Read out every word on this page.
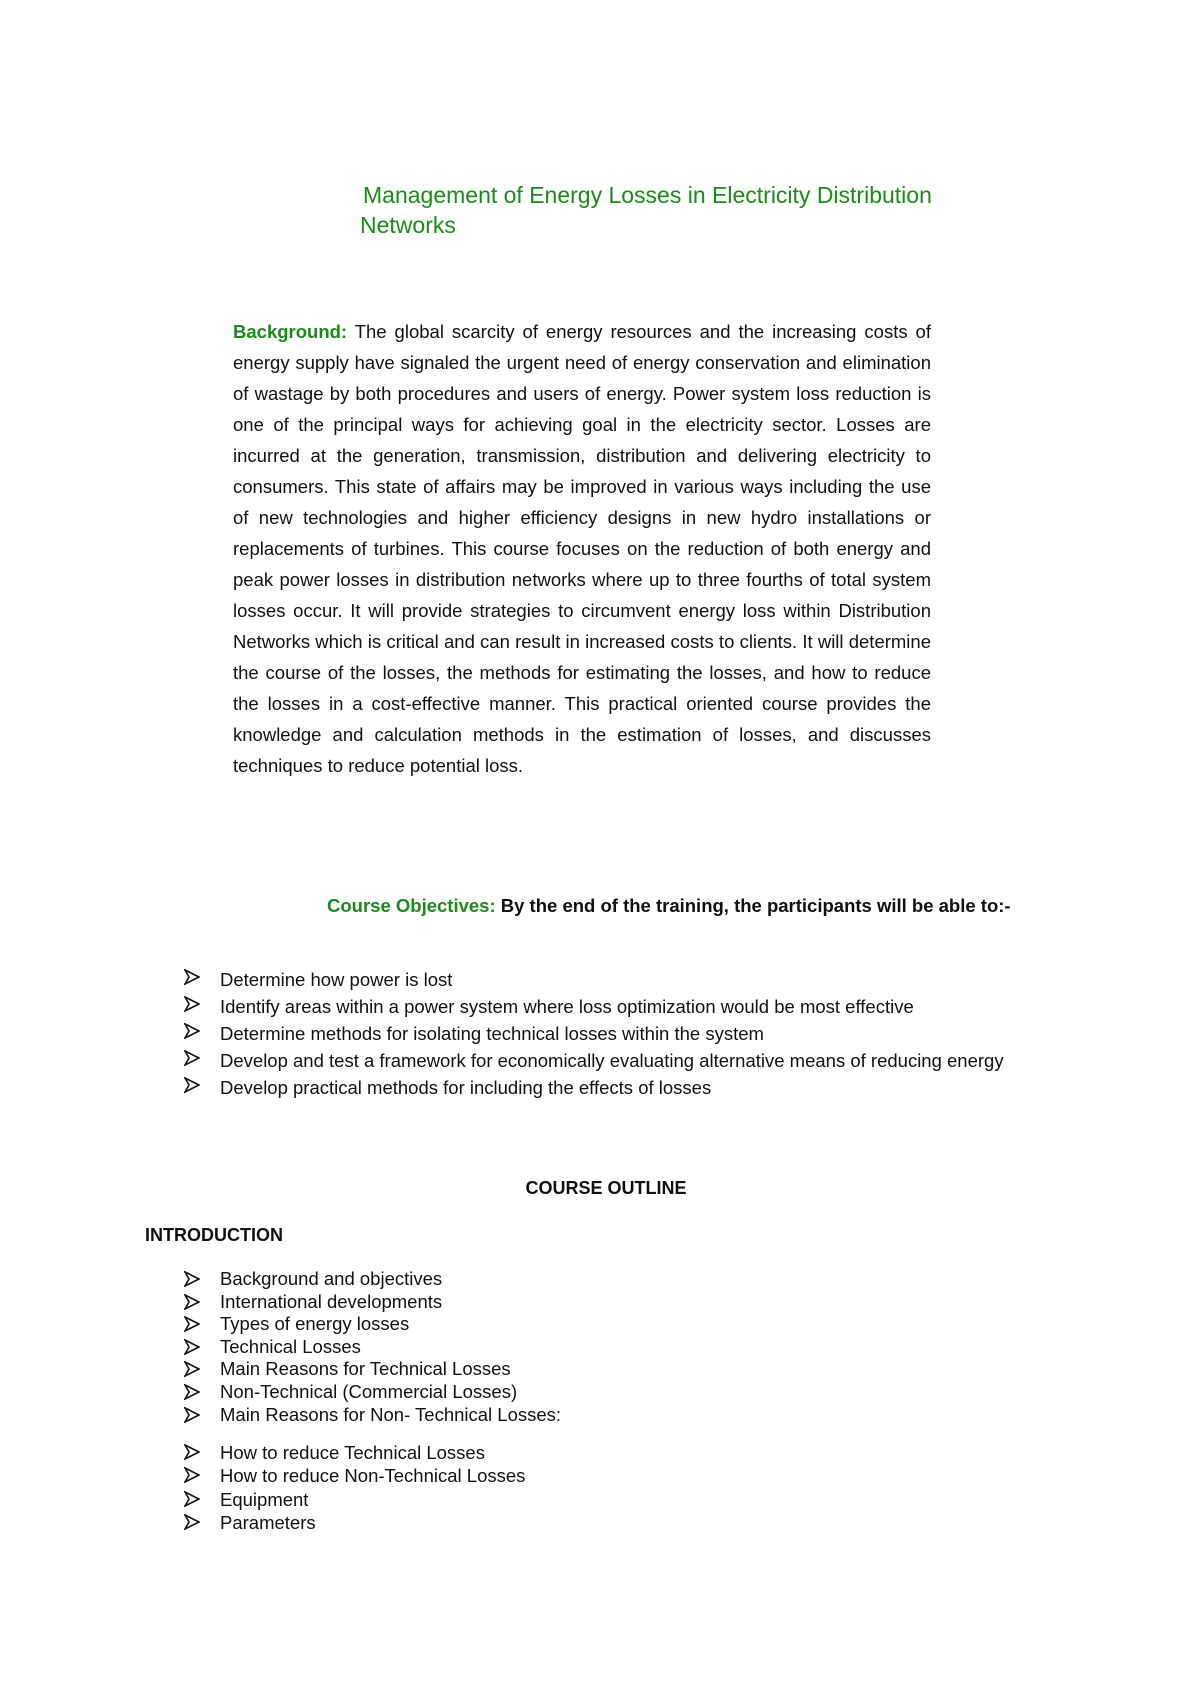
Management of Energy Losses in Electricity Distribution
Networks
Background: The global scarcity of energy resources and the increasing costs of energy supply have signaled the urgent need of energy conservation and elimination of wastage by both procedures and users of energy. Power system loss reduction is one of the principal ways for achieving goal in the electricity sector. Losses are incurred at the generation, transmission, distribution and delivering electricity to consumers. This state of affairs may be improved in various ways including the use of new technologies and higher efficiency designs in new hydro installations or replacements of turbines. This course focuses on the reduction of both energy and peak power losses in distribution networks where up to three fourths of total system losses occur. It will provide strategies to circumvent energy loss within Distribution Networks which is critical and can result in increased costs to clients. It will determine the course of the losses, the methods for estimating the losses, and how to reduce the losses in a cost-effective manner. This practical oriented course provides the knowledge and calculation methods in the estimation of losses, and discusses techniques to reduce potential loss.
Course Objectives: By the end of the training, the participants will be able to:-
Determine how power is lost
Identify areas within a power system where loss optimization would be most effective
Determine methods for isolating technical losses within the system
Develop and test a framework for economically evaluating alternative means of reducing energy
Develop practical methods for including the effects of losses
COURSE OUTLINE
INTRODUCTION
Background and objectives
International developments
Types of energy losses
Technical Losses
Main Reasons for Technical Losses
Non-Technical (Commercial Losses)
Main Reasons for Non- Technical Losses:
How to reduce Technical Losses
How to reduce Non-Technical Losses
Equipment
Parameters
